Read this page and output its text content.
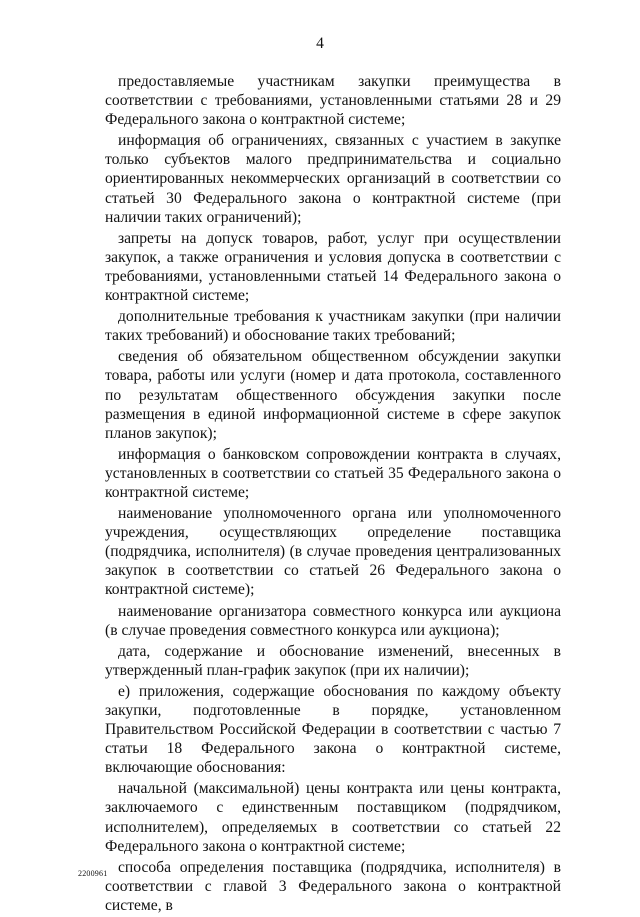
4

предоставляемые участникам закупки преимущества в соответствии с требованиями, установленными статьями 28 и 29 Федерального закона о контрактной системе;

информация об ограничениях, связанных с участием в закупке только субъектов малого предпринимательства и социально ориентированных некоммерческих организаций в соответствии со статьей 30 Федерального закона о контрактной системе (при наличии таких ограничений);

запреты на допуск товаров, работ, услуг при осуществлении закупок, а также ограничения и условия допуска в соответствии с требованиями, установленными статьей 14 Федерального закона о контрактной системе;

дополнительные требования к участникам закупки (при наличии таких требований) и обоснование таких требований;

сведения об обязательном общественном обсуждении закупки товара, работы или услуги (номер и дата протокола, составленного по результатам общественного обсуждения закупки после размещения в единой информационной системе в сфере закупок планов закупок);

информация о банковском сопровождении контракта в случаях, установленных в соответствии со статьей 35 Федерального закона о контрактной системе;

наименование уполномоченного органа или уполномоченного учреждения, осуществляющих определение поставщика (подрядчика, исполнителя) (в случае проведения централизованных закупок в соответствии со статьей 26 Федерального закона о контрактной системе);

наименование организатора совместного конкурса или аукциона (в случае проведения совместного конкурса или аукциона);

дата, содержание и обоснование изменений, внесенных в утвержденный план-график закупок (при их наличии);

е) приложения, содержащие обоснования по каждому объекту закупки, подготовленные в порядке, установленном Правительством Российской Федерации в соответствии с частью 7 статьи 18 Федерального закона о контрактной системе, включающие обоснования:

начальной (максимальной) цены контракта или цены контракта, заключаемого с единственным поставщиком (подрядчиком, исполнителем), определяемых в соответствии со статьей 22 Федерального закона о контрактной системе;

способа определения поставщика (подрядчика, исполнителя) в соответствии с главой 3 Федерального закона о контрактной системе, в

2200961
